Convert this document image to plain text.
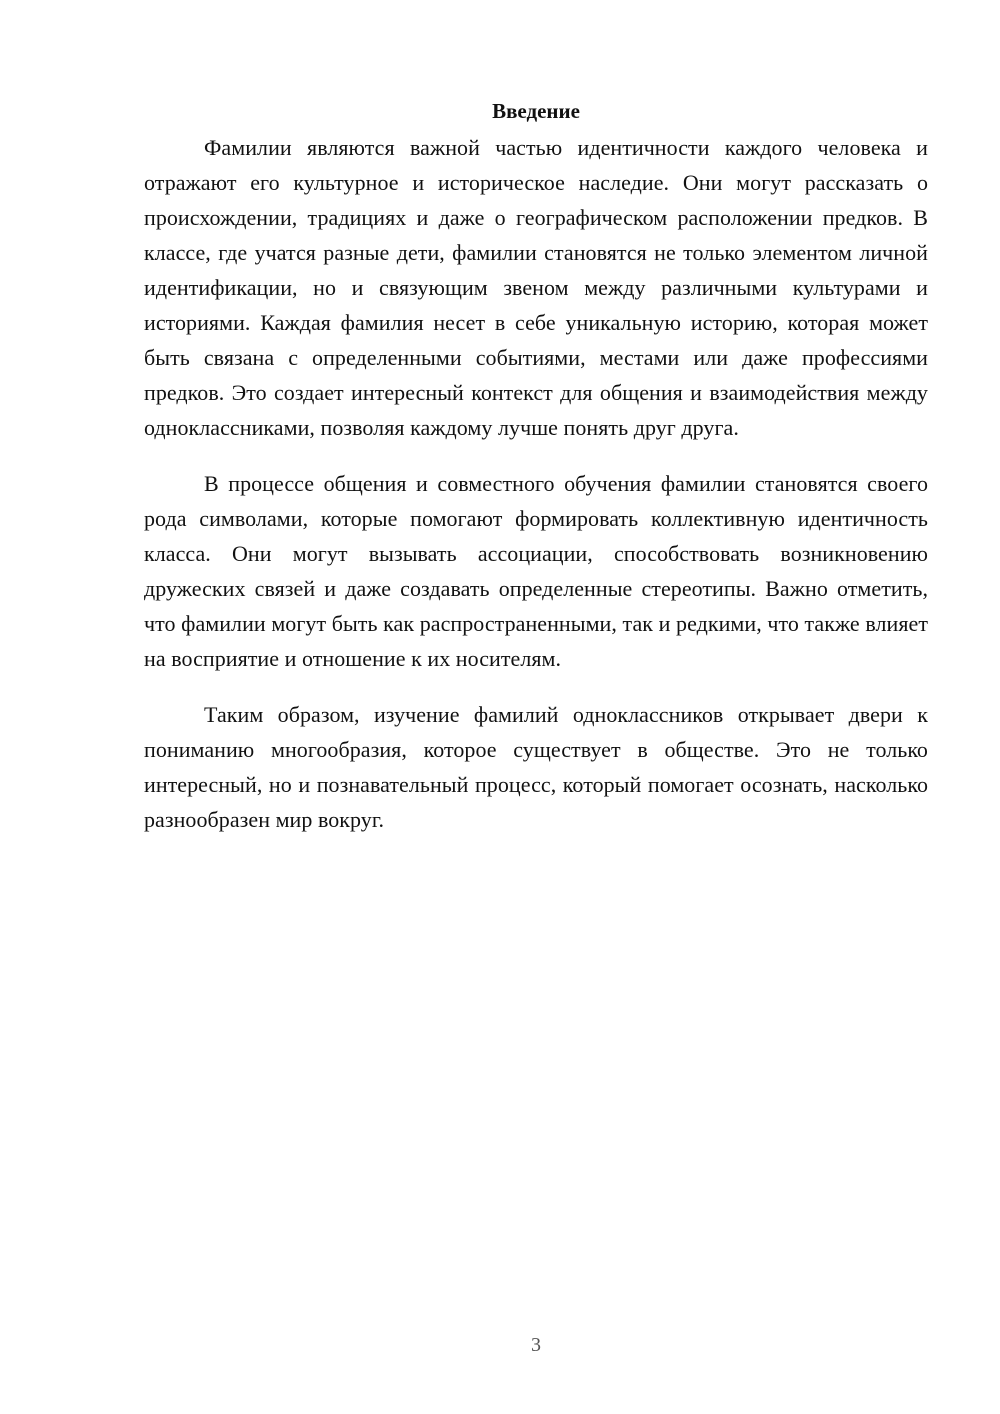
Введение

Фамилии являются важной частью идентичности каждого человека и отражают его культурное и историческое наследие. Они могут рассказать о происхождении, традициях и даже о географическом расположении предков. В классе, где учатся разные дети, фамилии становятся не только элементом личной идентификации, но и связующим звеном между различными культурами и историями. Каждая фамилия несет в себе уникальную историю, которая может быть связана с определенными событиями, местами или даже профессиями предков. Это создает интересный контекст для общения и взаимодействия между одноклассниками, позволяя каждому лучше понять друг друга.

В процессе общения и совместного обучения фамилии становятся своего рода символами, которые помогают формировать коллективную идентичность класса. Они могут вызывать ассоциации, способствовать возникновению дружеских связей и даже создавать определенные стереотипы. Важно отметить, что фамилии могут быть как распространенными, так и редкими, что также влияет на восприятие и отношение к их носителям.

Таким образом, изучение фамилий одноклассников открывает двери к пониманию многообразия, которое существует в обществе. Это не только интересный, но и познавательный процесс, который помогает осознать, насколько разнообразен мир вокруг.

3
